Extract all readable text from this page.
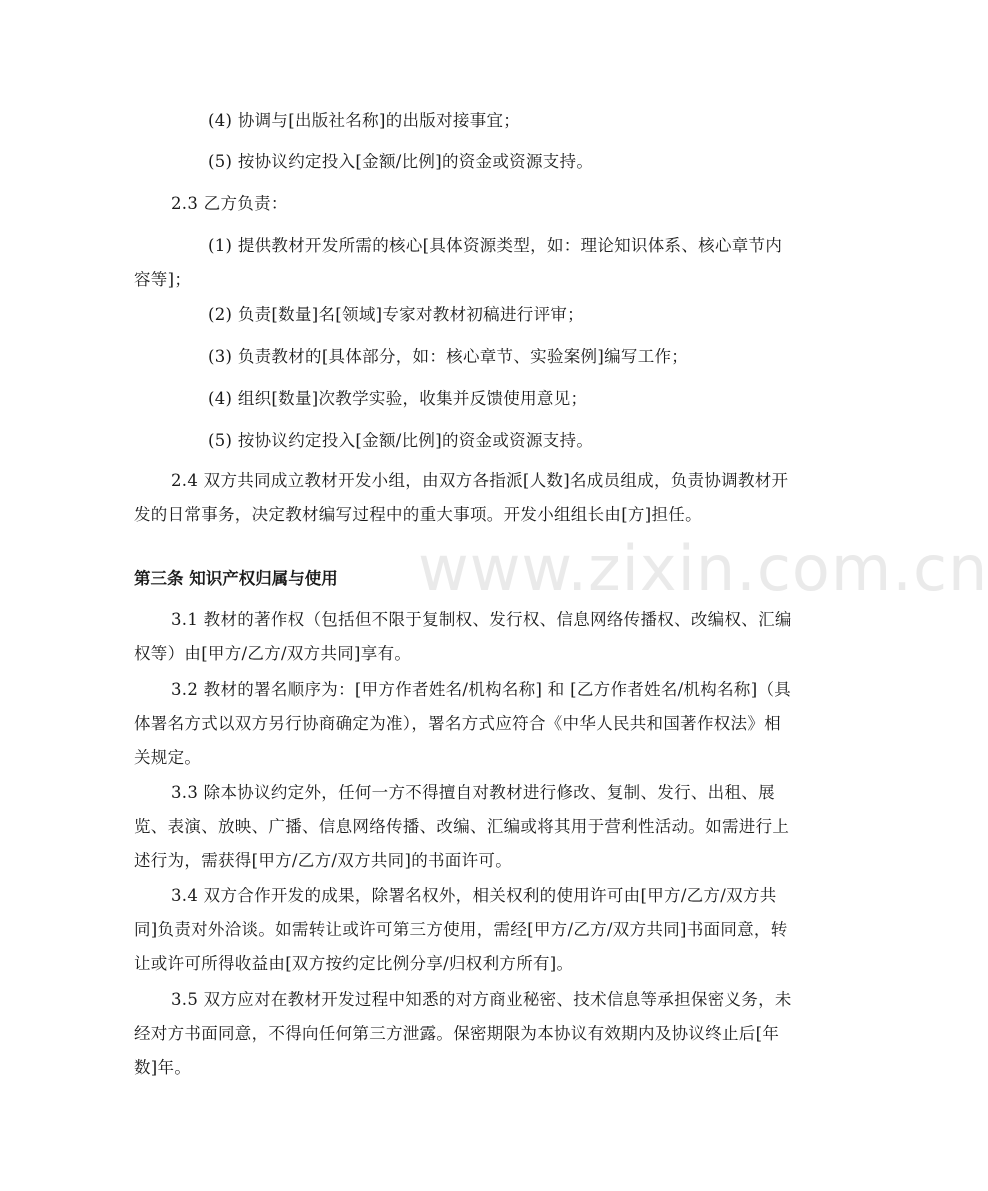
(4) 协调与[出版社名称]的出版对接事宜；

(5) 按协议约定投入[金额/比例]的资金或资源支持。

2.3 乙方负责：

(1) 提供教材开发所需的核心[具体资源类型，如：理论知识体系、核心章节内容等]；

(2) 负责[数量]名[领域]专家对教材初稿进行评审；

(3) 负责教材的[具体部分，如：核心章节、实验案例]编写工作；

(4) 组织[数量]次教学实验，收集并反馈使用意见；

(5) 按协议约定投入[金额/比例]的资金或资源支持。

2.4 双方共同成立教材开发小组，由双方各指派[人数]名成员组成，负责协调教材开发的日常事务，决定教材编写过程中的重大事项。开发小组组长由[方]担任。

第三条 知识产权归属与使用

3.1 教材的著作权（包括但不限于复制权、发行权、信息网络传播权、改编权、汇编权等）由[甲方/乙方/双方共同]享有。

3.2 教材的署名顺序为：[甲方作者姓名/机构名称] 和 [乙方作者姓名/机构名称]（具体署名方式以双方另行协商确定为准），署名方式应符合《中华人民共和国著作权法》相关规定。

3.3 除本协议约定外，任何一方不得擅自对教材进行修改、复制、发行、出租、展览、表演、放映、广播、信息网络传播、改编、汇编或将其用于营利性活动。如需进行上述行为，需获得[甲方/乙方/双方共同]的书面许可。

3.4 双方合作开发的成果，除署名权外，相关权利的使用许可由[甲方/乙方/双方共同]负责对外洽谈。如需转让或许可第三方使用，需经[甲方/乙方/双方共同]书面同意，转让或许可所得收益由[双方按约定比例分享/归权利方所有]。

3.5 双方应对在教材开发过程中知悉的对方商业秘密、技术信息等承担保密义务，未经对方书面同意，不得向任何第三方泄露。保密期限为本协议有效期内及协议终止后[年数]年。

www.zixin.com.cn
